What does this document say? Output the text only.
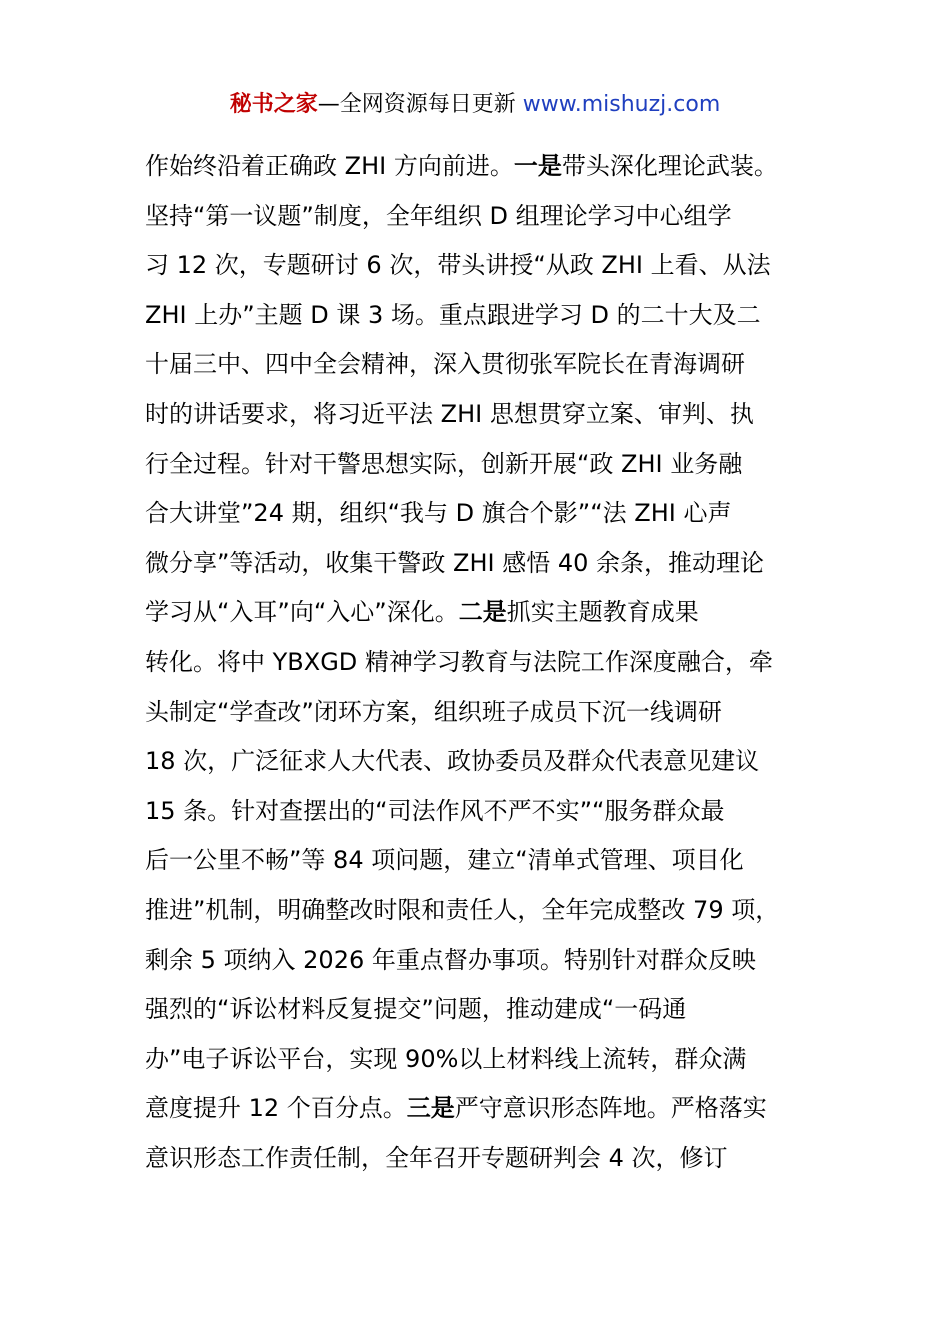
秘书之家—全网资源每日更新 www.mishuzj.com
作始终沿着正确政 ZHI 方向前进。一是带头深化理论武装。
坚持“第一议题”制度，全年组织 D 组理论学习中心组学
习 12 次，专题研讨 6 次，带头讲授“从政 ZHI 上看、从法
ZHI 上办”主题 D 课 3 场。重点跟进学习 D 的二十大及二
十届三中、四中全会精神，深入贯彻张军院长在青海调研
时的讲话要求，将习近平法 ZHI 思想贯穿立案、审判、执
行全过程。针对干警思想实际，创新开展“政 ZHI 业务融
合大讲堂”24 期，组织“我与 D 旗合个影”“法 ZHI 心声
微分享”等活动，收集干警政 ZHI 感悟 40 余条，推动理论
学习从“入耳”向“入心”深化。二是抓实主题教育成果
转化。将中 YBXGD 精神学习教育与法院工作深度融合，牵
头制定“学查改”闭环方案，组织班子成员下沉一线调研
18 次，广泛征求人大代表、政协委员及群众代表意见建议
15 条。针对查摆出的“司法作风不严不实”“服务群众最
后一公里不畅”等 84 项问题，建立“清单式管理、项目化
推进”机制，明确整改时限和责任人，全年完成整改 79 项，
剩余 5 项纳入 2026 年重点督办事项。特别针对群众反映
强烈的“诉讼材料反复提交”问题，推动建成“一码通
办”电子诉讼平台，实现 90%以上材料线上流转，群众满
意度提升 12 个百分点。三是严守意识形态阵地。严格落实
意识形态工作责任制，全年召开专题研判会 4 次，修订
